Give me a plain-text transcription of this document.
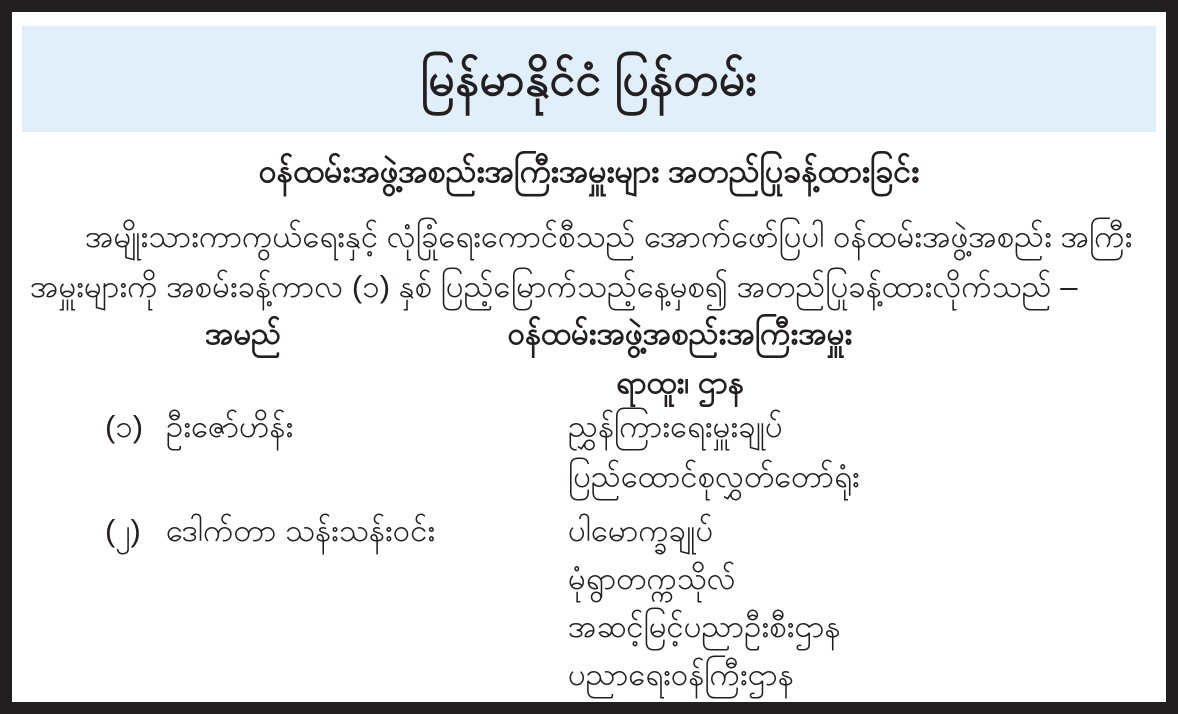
မြန်မာနိုင်ငံ ပြန်တမ်း
ဝန်ထမ်းအဖွဲ့အစည်းအကြီးအမှူးများ အတည်ပြုခန့်ထားခြင်း
အမျိုးသားကာကွယ်ရေးနှင့် လုံခြုံရေးကောင်စီသည် အောက်ဖော်ပြပါ ဝန်ထမ်းအဖွဲ့အစည်း အကြီး
အမှူးများကို အစမ်းခန့်ကာလ (၁) နှစ် ပြည့်မြောက်သည့်နေ့မှစ၍ အတည်ပြုခန့်ထားလိုက်သည် –
အမည်	ဝန်ထမ်းအဖွဲ့အစည်းအကြီးအမှူး
ရာထူး၊ ဌာန
(၁) ဦးဇော်ဟိန်း	ညွှန်ကြားရေးမှူးချုပ်
ပြည်ထောင်စုလွှတ်တော်ရုံး
(၂) ဒေါက်တာ သန်းသန်းဝင်း	ပါမောက္ခချုပ်
မုံရွာတက္ကသိုလ်
အဆင့်မြင့်ပညာဦးစီးဌာန
ပညာရေးဝန်ကြီးဌာန
